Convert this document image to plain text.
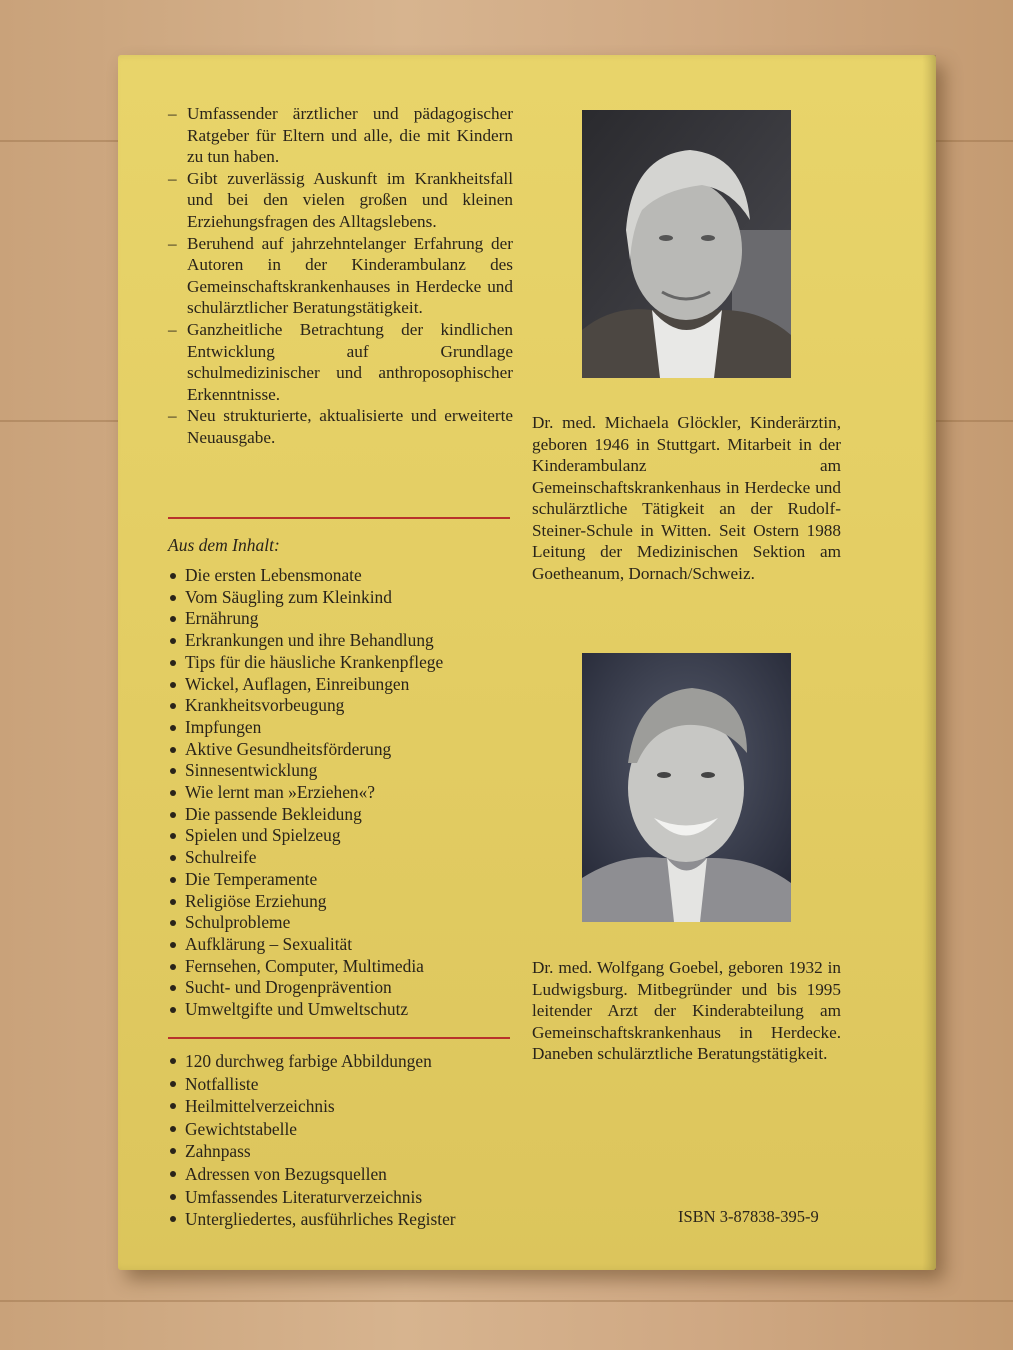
– Umfassender ärztlicher und pädagogischer Ratgeber für Eltern und alle, die mit Kindern zu tun haben.
– Gibt zuverlässig Auskunft im Krankheitsfall und bei den vielen großen und kleinen Erziehungsfragen des Alltagslebens.
– Beruhend auf jahrzehntelanger Erfahrung der Autoren in der Kinderambulanz des Gemeinschaftskrankenhauses in Herdecke und schulärztlicher Beratungstätigkeit.
– Ganzheitliche Betrachtung der kindlichen Entwicklung auf Grundlage schulmedizinischer und anthroposophischer Erkenntnisse.
– Neu strukturierte, aktualisierte und erweiterte Neuausgabe.
Aus dem Inhalt:
Die ersten Lebensmonate
Vom Säugling zum Kleinkind
Ernährung
Erkrankungen und ihre Behandlung
Tips für die häusliche Krankenpflege
Wickel, Auflagen, Einreibungen
Krankheitsvorbeugung
Impfungen
Aktive Gesundheitsförderung
Sinnesentwicklung
Wie lernt man »Erziehen«?
Die passende Bekleidung
Spielen und Spielzeug
Schulreife
Die Temperamente
Religiöse Erziehung
Schulprobleme
Aufklärung – Sexualität
Fernsehen, Computer, Multimedia
Sucht- und Drogenprävention
Umweltgifte und Umweltschutz
120 durchweg farbige Abbildungen
Notfalliste
Heilmittelverzeichnis
Gewichtstabelle
Zahnpass
Adressen von Bezugsquellen
Umfassendes Literaturverzeichnis
Untergliedertes, ausführliches Register

Dr. med. Michaela Glöckler, Kinderärztin, geboren 1946 in Stuttgart. Mitarbeit in der Kinderambulanz am Gemeinschaftskrankenhaus in Herdecke und schulärztliche Tätigkeit an der Rudolf-Steiner-Schule in Witten. Seit Ostern 1988 Leitung der Medizinischen Sektion am Goetheanum, Dornach/Schweiz.

Dr. med. Wolfgang Goebel, geboren 1932 in Ludwigsburg. Mitbegründer und bis 1995 leitender Arzt der Kinderabteilung am Gemeinschaftskrankenhaus in Herdecke. Daneben schulärztliche Beratungstätigkeit.

ISBN 3-87838-395-9
